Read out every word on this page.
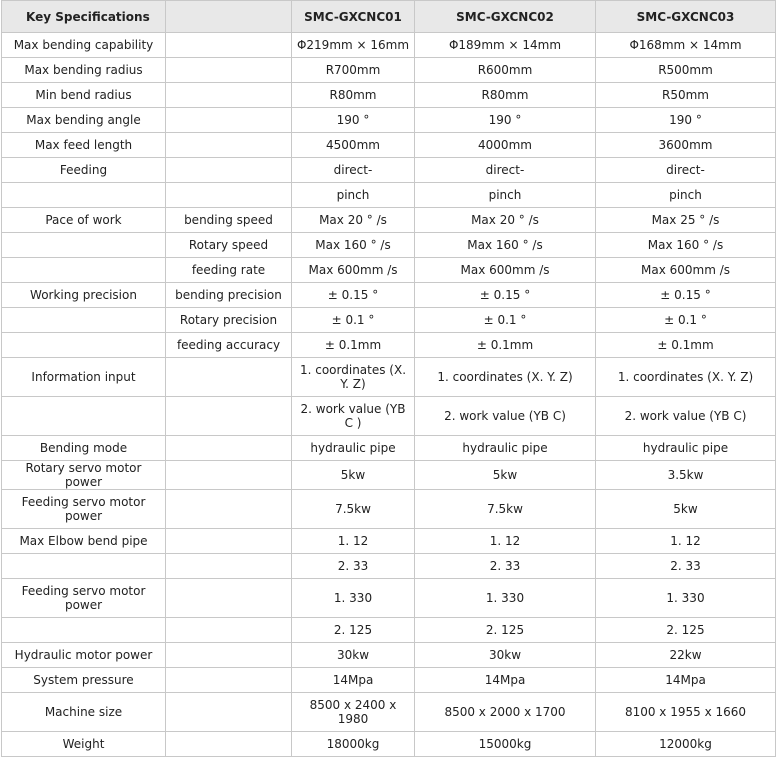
Key Specifications		SMC-GXCNC01	SMC-GXCNC02	SMC-GXCNC03
Max bending capability		Φ219mm × 16mm	Φ189mm × 14mm	Φ168mm × 14mm
Max bending radius		R700mm	R600mm	R500mm
Min bend radius		R80mm	R80mm	R50mm
Max bending angle		190 °	190 °	190 °
Max feed length		4500mm	4000mm	3600mm
Feeding		direct-	direct-	direct-
		pinch	pinch	pinch
Pace of work	bending speed	Max 20 ° /s	Max 20 ° /s	Max 25 ° /s
	Rotary speed	Max 160 ° /s	Max 160 ° /s	Max 160 ° /s
	feeding rate	Max 600mm /s	Max 600mm /s	Max 600mm /s
Working precision	bending precision	± 0.15 °	± 0.15 °	± 0.15 °
	Rotary precision	± 0.1 °	± 0.1 °	± 0.1 °
	feeding accuracy	± 0.1mm	± 0.1mm	± 0.1mm
Information input		1. coordinates (X. Y. Z)	1. coordinates (X. Y. Z)	1. coordinates (X. Y. Z)
		2. work value (YB C )	2. work value (YB C)	2. work value (YB C)
Bending mode		hydraulic pipe	hydraulic pipe	hydraulic pipe
Rotary servo motor power		5kw	5kw	3.5kw
Feeding servo motor power		7.5kw	7.5kw	5kw
Max Elbow bend pipe		1. 12	1. 12	1. 12
		2. 33	2. 33	2. 33
Feeding servo motor power		1. 330	1. 330	1. 330
		2. 125	2. 125	2. 125
Hydraulic motor power		30kw	30kw	22kw
System pressure		14Mpa	14Mpa	14Mpa
Machine size		8500 x 2400 x 1980	8500 x 2000 x 1700	8100 x 1955 x 1660
Weight		18000kg	15000kg	12000kg
